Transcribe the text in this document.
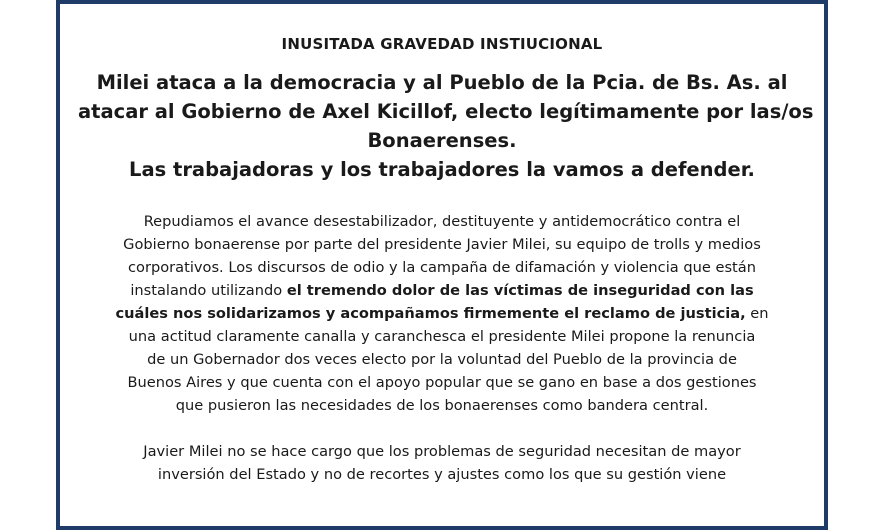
INUSITADA GRAVEDAD INSTIUCIONAL

Milei ataca a la democracia y al Pueblo de la Pcia. de Bs. As. al
atacar al Gobierno de Axel Kicillof, electo legítimamente por las/os
Bonaerenses.
Las trabajadoras y los trabajadores la vamos a defender.
Repudiamos el avance desestabilizador, destituyente y antidemocrático contra el
Gobierno bonaerense por parte del presidente Javier Milei, su equipo de trolls y medios
corporativos. Los discursos de odio y la campaña de difamación y violencia que están
instalando utilizando el tremendo dolor de las víctimas de inseguridad con las
cuáles nos solidarizamos y acompañamos firmemente el reclamo de justicia, en
una actitud claramente canalla y caranchesca el presidente Milei propone la renuncia
de un Gobernador dos veces electo por la voluntad del Pueblo de la provincia de
Buenos Aires y que cuenta con el apoyo popular que se gano en base a dos gestiones
que pusieron las necesidades de los bonaerenses como bandera central.
Javier Milei no se hace cargo que los problemas de seguridad necesitan de mayor
inversión del Estado y no de recortes y ajustes como los que su gestión viene
